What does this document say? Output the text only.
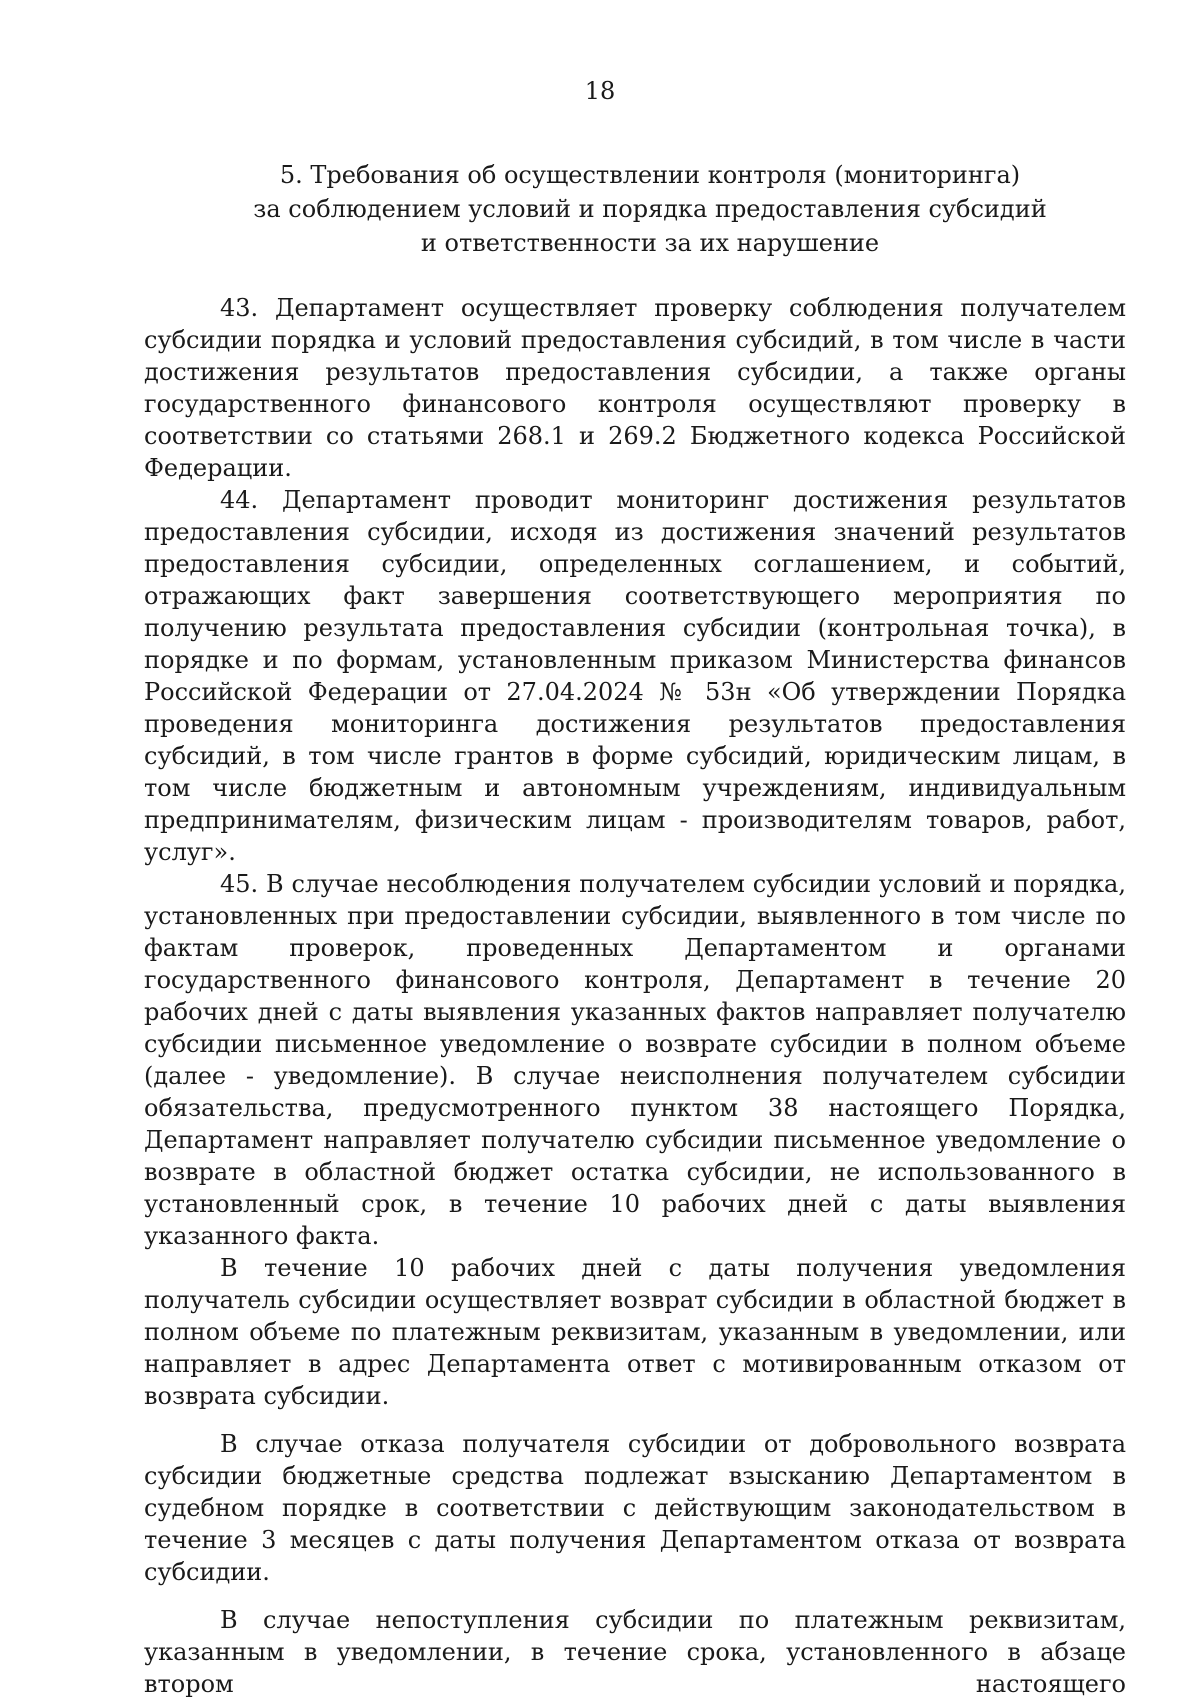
18
5. Требования об осуществлении контроля (мониторинга)
за соблюдением условий и порядка предоставления субсидий
и ответственности за их нарушение

43. Департамент осуществляет проверку соблюдения получателем субсидии порядка и условий предоставления субсидий, в том числе в части достижения результатов предоставления субсидии, а также органы государственного финансового контроля осуществляют проверку в соответствии со статьями 268.1 и 269.2 Бюджетного кодекса Российской Федерации.

44. Департамент проводит мониторинг достижения результатов предоставления субсидии, исходя из достижения значений результатов предоставления субсидии, определенных соглашением, и событий, отражающих факт завершения соответствующего мероприятия по получению результата предоставления субсидии (контрольная точка), в порядке и по формам, установленным приказом Министерства финансов Российской Федерации от 27.04.2024 № 53н «Об утверждении Порядка проведения мониторинга достижения результатов предоставления субсидий, в том числе грантов в форме субсидий, юридическим лицам, в том числе бюджетным и автономным учреждениям, индивидуальным предпринимателям, физическим лицам - производителям товаров, работ, услуг».

45. В случае несоблюдения получателем субсидии условий и порядка, установленных при предоставлении субсидии, выявленного в том числе по фактам проверок, проведенных Департаментом и органами государственного финансового контроля, Департамент в течение 20 рабочих дней с даты выявления указанных фактов направляет получателю субсидии письменное уведомление о возврате субсидии в полном объеме (далее - уведомление). В случае неисполнения получателем субсидии обязательства, предусмотренного пунктом 38 настоящего Порядка, Департамент направляет получателю субсидии письменное уведомление о возврате в областной бюджет остатка субсидии, не использованного в установленный срок, в течение 10 рабочих дней с даты выявления указанного факта.

В течение 10 рабочих дней с даты получения уведомления получатель субсидии осуществляет возврат субсидии в областной бюджет в полном объеме по платежным реквизитам, указанным в уведомлении, или направляет в адрес Департамента ответ с мотивированным отказом от возврата субсидии.

В случае отказа получателя субсидии от добровольного возврата субсидии бюджетные средства подлежат взысканию Департаментом в судебном порядке в соответствии с действующим законодательством в течение 3 месяцев с даты получения Департаментом отказа от возврата субсидии.

В случае непоступления субсидии по платежным реквизитам, указанным в уведомлении, в течение срока, установленного в абзаце втором настоящего
